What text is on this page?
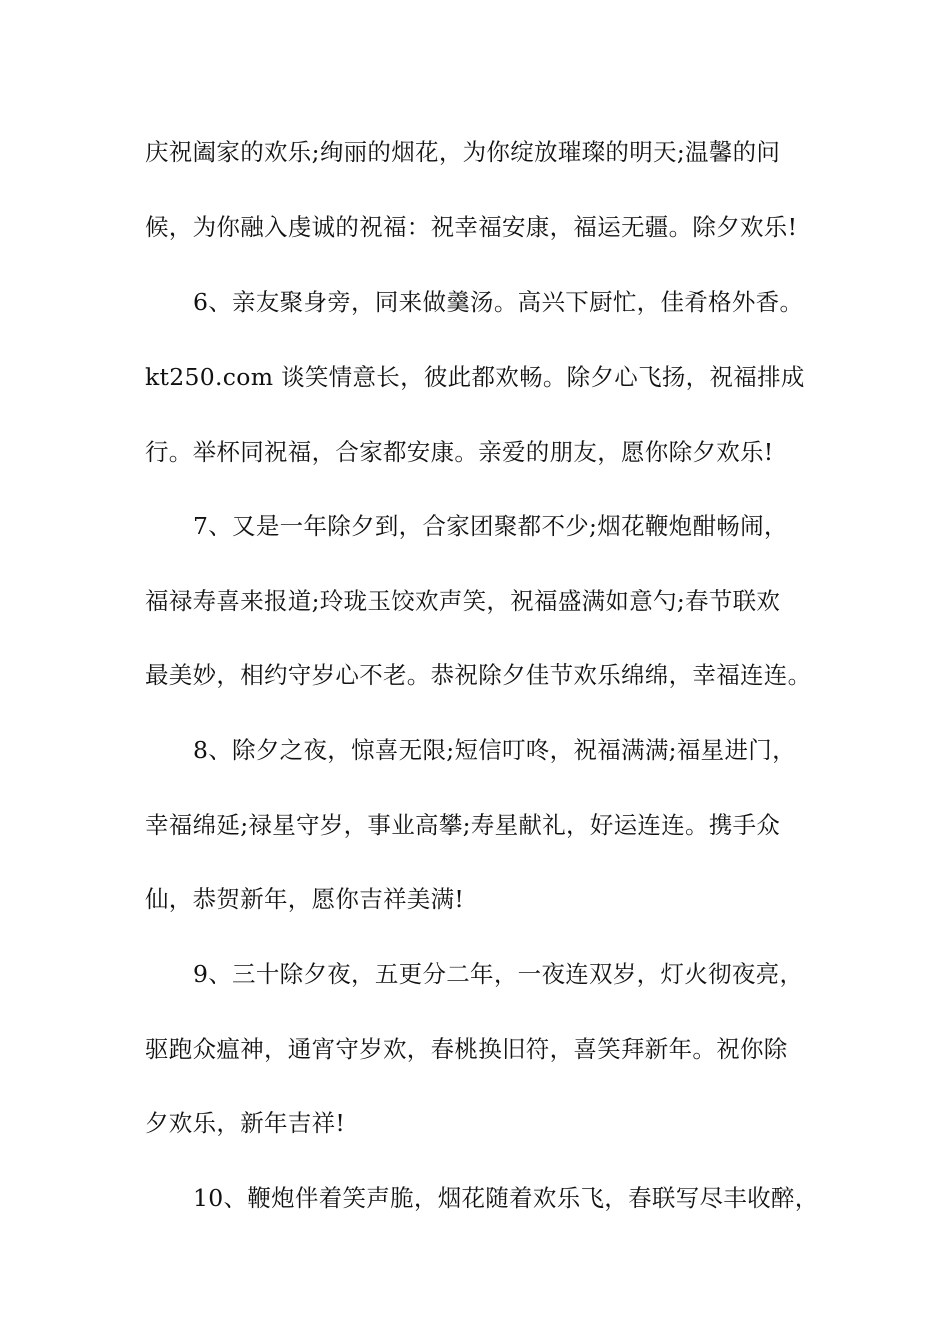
庆祝阖家的欢乐;绚丽的烟花，为你绽放璀璨的明天;温馨的问
候，为你融入虔诚的祝福：祝幸福安康，福运无疆。除夕欢乐!
6、亲友聚身旁，同来做羹汤。高兴下厨忙，佳肴格外香。
kt250.com 谈笑情意长，彼此都欢畅。除夕心飞扬，祝福排成
行。举杯同祝福，合家都安康。亲爱的朋友，愿你除夕欢乐!
7、又是一年除夕到，合家团聚都不少;烟花鞭炮酣畅闹，
福禄寿喜来报道;玲珑玉饺欢声笑，祝福盛满如意勺;春节联欢
最美妙，相约守岁心不老。恭祝除夕佳节欢乐绵绵，幸福连连。
8、除夕之夜，惊喜无限;短信叮咚，祝福满满;福星进门，
幸福绵延;禄星守岁，事业高攀;寿星献礼，好运连连。携手众
仙，恭贺新年，愿你吉祥美满!
9、三十除夕夜，五更分二年，一夜连双岁，灯火彻夜亮，
驱跑众瘟神，通宵守岁欢，春桃换旧符，喜笑拜新年。祝你除
夕欢乐，新年吉祥!
10、鞭炮伴着笑声脆，烟花随着欢乐飞，春联写尽丰收醉，
